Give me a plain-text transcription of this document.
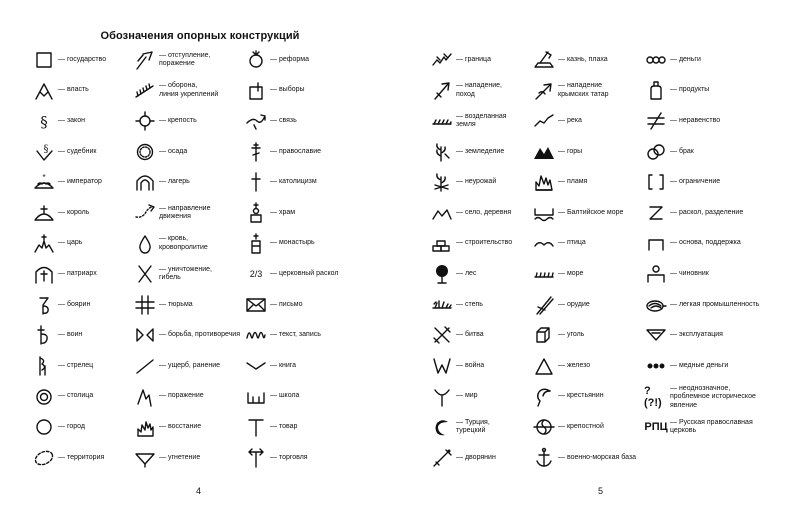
Обозначения опорных конструкций
— государство
— власть
§ — закон
§ — судебник
* — император
— король
— царь
— патриарх
— боярин
— воин
— стрелец
— столица
— город
— территория
— отступление,
поражение
— оборона,
линия укреплений
— крепость
— осада
— лагерь
— направление
движения
— кровь,
кровопролитие
— уничтожение,
гибель
— тюрьма
— борьба, противоречия
— ущерб, ранение
— поражение
— восстание
— угнетение
— реформа
— выборы
— связь
— православие
— католицизм
— храм
— монастырь
2/3 — церковный раскол
— письмо
— текст, запись
— книга
— школа
— товар
— торговля
4
— граница
— нападение,
поход
— возделанная
земля
— земледелие
— неурожай
— село, деревня
— строительство
— лес
— степь
— битва
— война
— мир
— Турция,
турецкий
— дворянин
— казнь, плаха
— нападение
крымских татар
— река
— горы
— пламя
— Балтийское море
— птица
— море
— орудие
— уголь
— железо
— крестьянин
— крепостной
— военно-морская база
— деньги
— продукты
— неравенство
— брак
— ограничение
— раскол, разделение
— основа, поддержка
— чиновник
— легкая промышленность
— эксплуатация
— медные деньги
?(?!)
— неоднозначное,
проблемное историческое
явление
РПЦ — Русская православная
церковь
5
